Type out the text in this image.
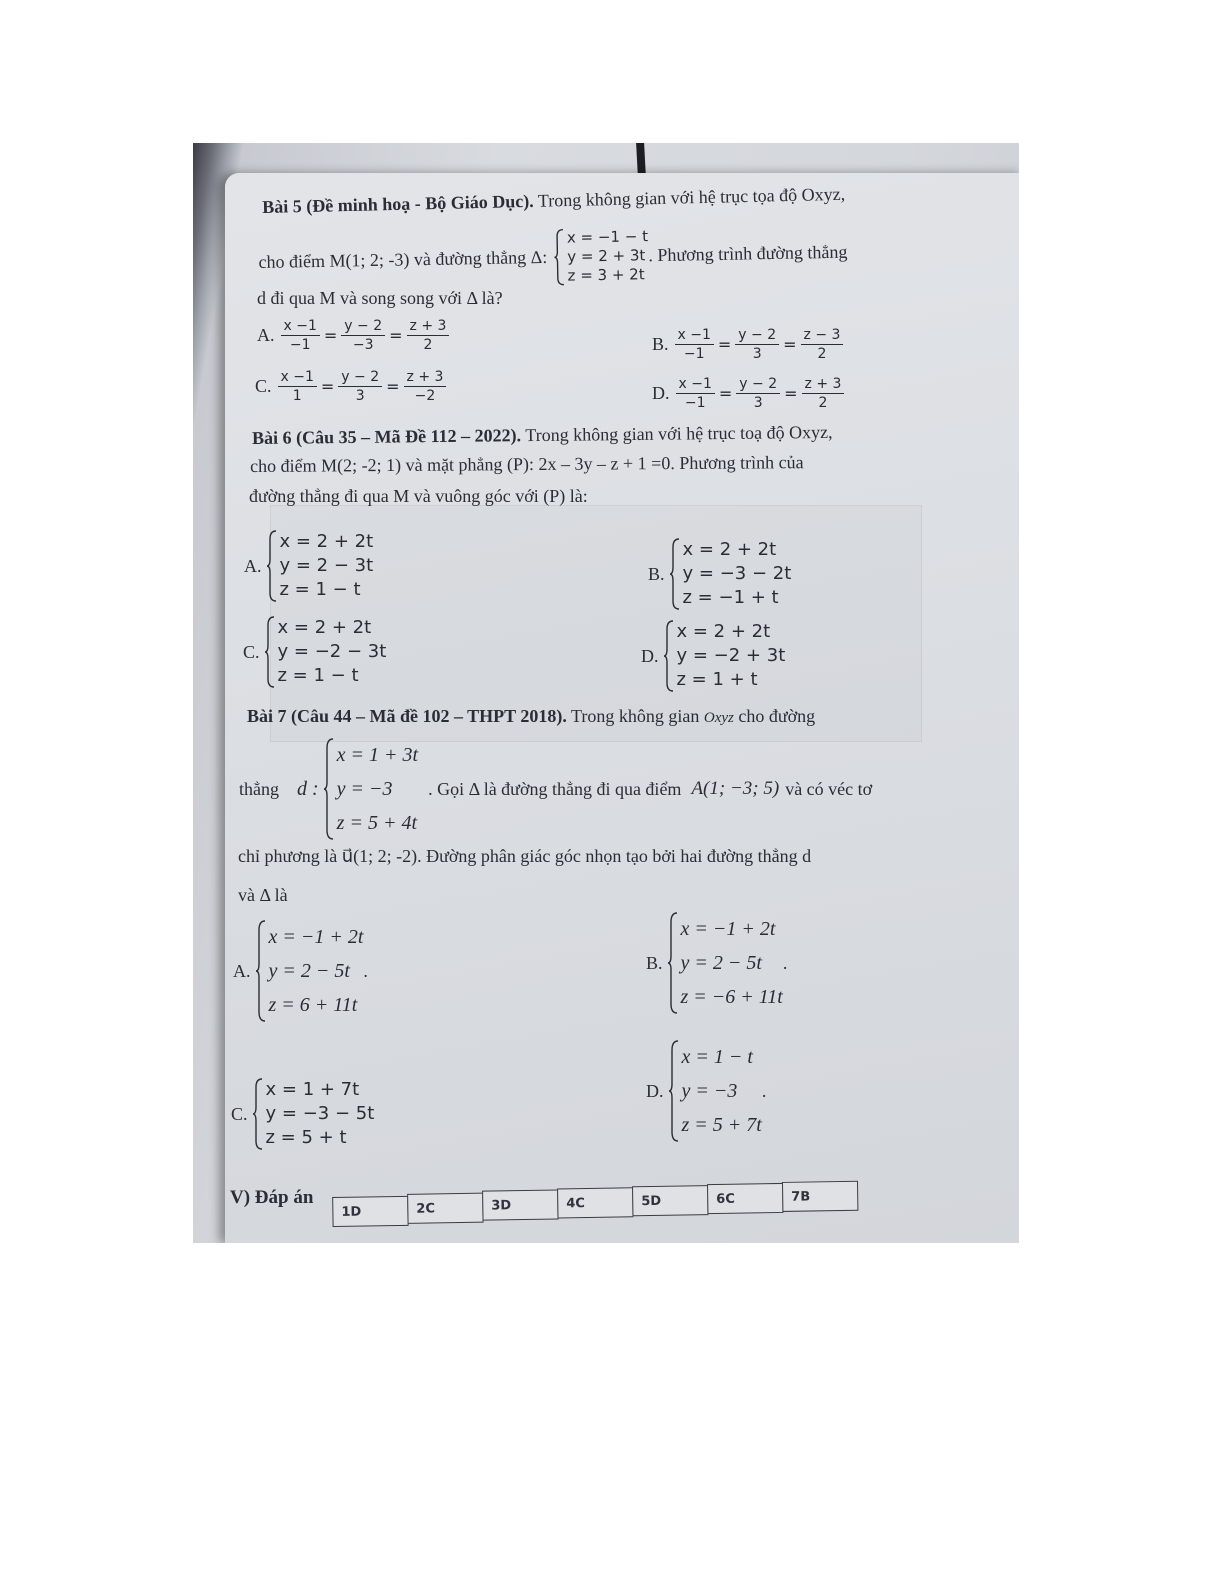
Bài 5 (Đề minh hoạ - Bộ Giáo Dục). Trong không gian với hệ trục tọa độ Oxyz,
cho điểm M(1; 2; -3) và đường thẳng Δ:
x = −1 − t
y = 2 + 3t
z = 3 + 2t
. Phương trình đường thẳng
d đi qua M và song song với Δ là?
A. $\frac{x -1}{-1} = \frac{y - 2}{-3} = \frac{z + 3}{2}$	B. $\frac{x -1}{-1} = \frac{y - 2}{3} = \frac{z - 3}{2}$
C. $\frac{x -1}{1} = \frac{y - 2}{3} = \frac{z + 3}{-2}$	D. $\frac{x -1}{-1} = \frac{y - 2}{3} = \frac{z + 3}{2}$
Bài 6 (Câu 35 – Mã Đề 112 – 2022). Trong không gian với hệ trục toạ độ Oxyz,
cho điểm M(2; -2; 1) và mặt phẳng (P): 2x – 3y – z + 1 =0. Phương trình của
đường thẳng đi qua M và vuông góc với (P) là:
A.
x = 2 + 2t
y = 2 − 3t
z = 1 − t
B.
x = 2 + 2t
y = −3 − 2t
z = −1 + t
C.
x = 2 + 2t
y = −2 − 3t
z = 1 − t
D.
x = 2 + 2t
y = −2 + 3t
z = 1 + t
Bài 7 (Câu 44 – Mã đề 102 – THPT 2018). Trong không gian Oxyz cho đường
thẳng d :
x = 1 + 3t
y = −3
z = 5 + 4t
. Gọi Δ là đường thẳng đi qua điểm A(1; −3; 5) và có véc tơ
chỉ phương là u⃗(1; 2; -2). Đường phân giác góc nhọn tạo bởi hai đường thẳng d
và Δ là
A.
x = −1 + 2t
y = 2 − 5t
z = 6 + 11t
.	B.
x = −1 + 2t
y = 2 − 5t
z = −6 + 11t
.
C.
x = 1 + 7t
y = −3 − 5t
z = 5 + t
D.
x = 1 − t
y = −3
z = 5 + 7t
.
V) Đáp án
1D	2C	3D	4C	5D	6C	7B
